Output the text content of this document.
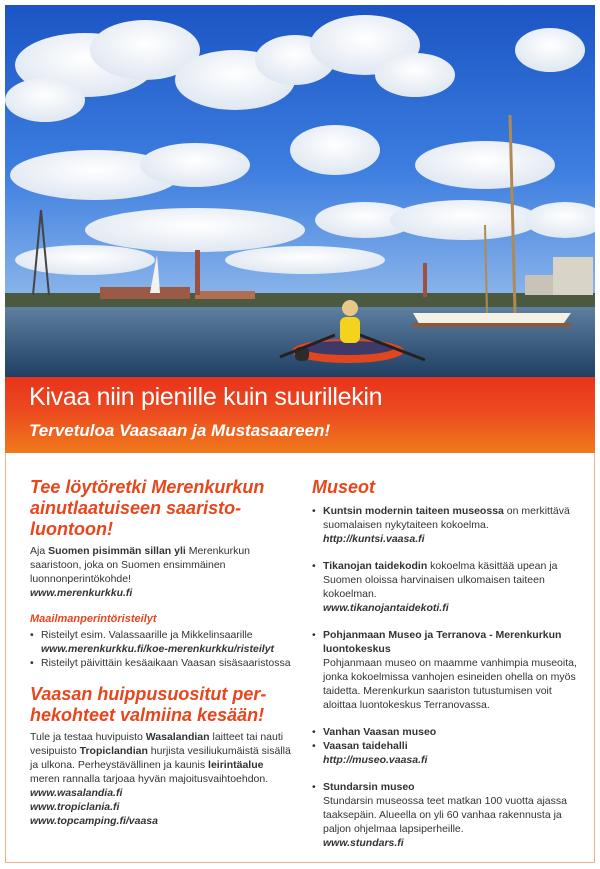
Kivaa niin pienille kuin suurillekin
Tervetuloa Vaasaan ja Mustasaareen!
Tee löytöretki Merenkurkun ainutlaatuiseen saaristoluontoon!

Aja Suomen pisimmän sillan yli Merenkurkun saaristoon, joka on Suomen ensimmäinen luonnonperintökohde!

www.merenkurkku.fi
Maailmanperintöristeilyt
• Risteilyt esim. Valassaarille ja Mikkelinsaarille
www.merenkurkku.fi/koe-merenkurkku/risteilyt
• Risteilyt päivittäin kesäaikaan Vaasan sisäsaaristossa
Vaasan huippusuositut perhekohteet valmiina kesään!

Tule ja testaa huvipuisto Wasalandian laitteet tai nauti vesipuisto Tropiclandian hurjista vesiliukumäistä sisällä ja ulkona. Perheystävällinen ja kaunis leirintäalue meren rannalla tarjoaa hyvän majoitusvaihtoehdon.

www.wasalandia.fi
www.tropiclania.fi
www.topcamping.fi/vaasa
Museot
• Kuntsin modernin taiteen museossa on merkittävä suomalaisen nykytaiteen kokoelma.
http://kuntsi.vaasa.fi
• Tikanojan taidekodin kokoelma käsittää upean ja Suomen oloissa harvinaisen ulkomaisen taiteen kokoelman.
www.tikanojantaidekoti.fi
• Pohjanmaan Museo ja Terranova - Merenkurkun luontokeskus

Pohjanmaan museo on maamme vanhimpia museoita, jonka kokoelmissa vanhojen esineiden ohella on myös taidetta. Merenkurkun saariston tutustumisen voit aloittaa luontokeskus Terranovassa.

• Vanhan Vaasan museo
• Vaasan taidehalli
http://museo.vaasa.fi
• Stundarsin museo

Stundarsin museossa teet matkan 100 vuotta ajassa taaksepäin. Alueella on yli 60 vanhaa rakennusta ja paljon ohjelmaa lapsiperheille.

www.stundars.fi
